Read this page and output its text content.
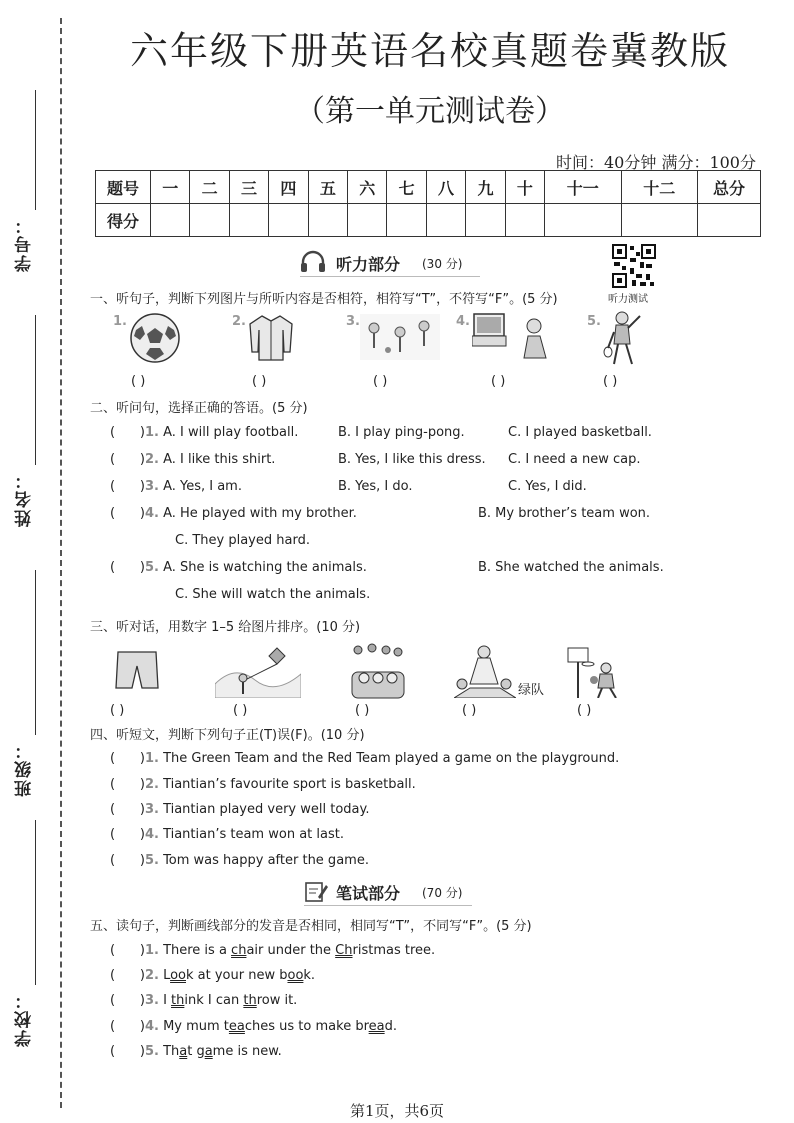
学号：
姓名：
班级：
学校：
六年级下册英语名校真题卷冀教版
（第一单元测试卷）
时间：40分钟 满分：100分
题号	一	二	三	四	五	六	七	八	九	十	十一	十二	总分
得分													
听力部分 (30 分)
听力测试
一、听句子，判断下列图片与所听内容是否相符，相符写“T”，不符写“F”。(5 分)
1.	2.	3.	4.	5.
( )	( )	( )	( )	( )
二、听问句，选择正确的答语。(5 分)
(      )1. A. I will play football.	B. I play ping-pong.	C. I played basketball.
(      )2. A. I like this shirt.	B. Yes, I like this dress. C. I need a new cap.
(      )3. A. Yes, I am.	B. Yes, I do.	C. Yes, I did.
(      )4. A. He played with my brother.	B. My brother’s team won.
C. They played hard.
(      )5. A. She is watching the animals.	B. She watched the animals.
C. She will watch the animals.
三、听对话，用数字 1–5 给图片排序。(10 分)
绿队
( )	( )	( )	( )	( )
四、听短文，判断下列句子正(T)误(F)。(10 分)
(      )1. The Green Team and the Red Team played a game on the playground.
(      )2. Tiantian’s favourite sport is basketball.
(      )3. Tiantian played very well today.
(      )4. Tiantian’s team won at last.
(      )5. Tom was happy after the game.
笔试部分 (70 分)
五、读句子，判断画线部分的发音是否相同，相同写“T”，不同写“F”。(5 分)
(      )1. There is a chair under the Christmas tree.
(      )2. Look at your new book.
(      )3. I think I can throw it.
(      )4. My mum teaches us to make bread.
(      )5. That game is new.
第1页，共6页
